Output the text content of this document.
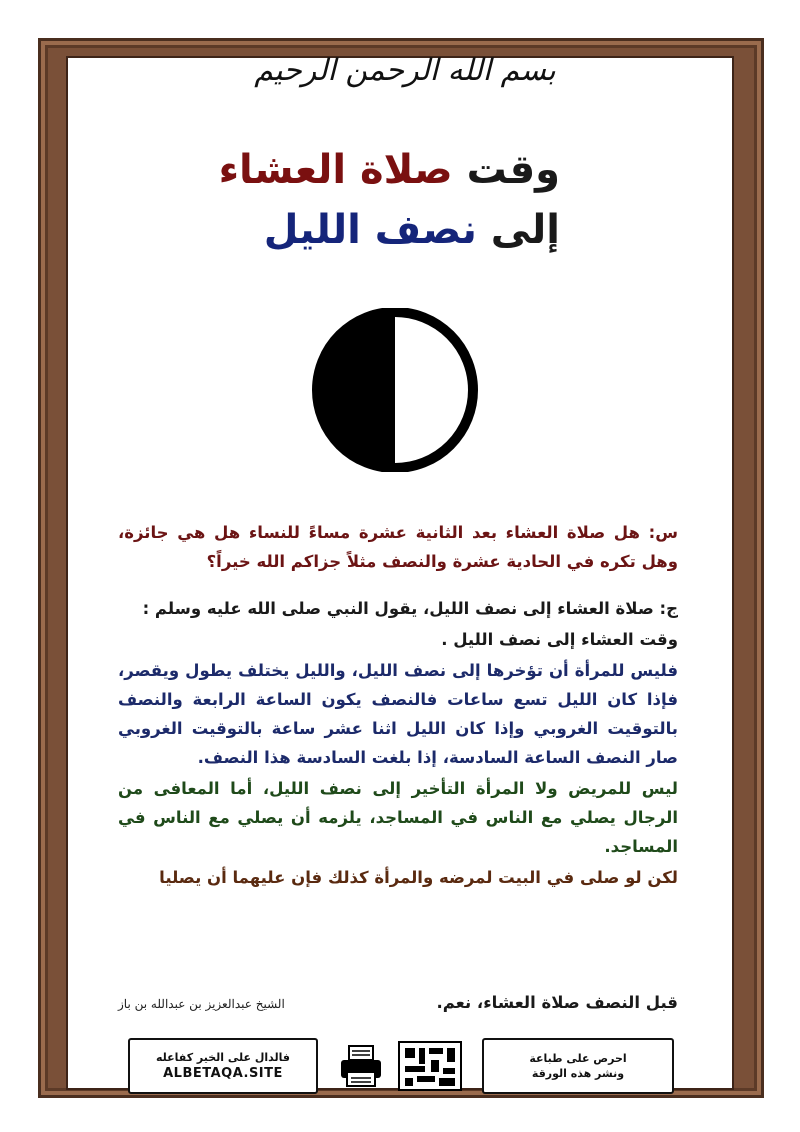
بسم الله الرحمن الرحيم
وقت صلاة العشاء
إلى نصف الليل

س: هل صلاة العشاء بعد الثانية عشرة مساءً للنساء هل هي جائزة، وهل تكره في الحادية عشرة والنصف مثلاً جزاكم الله خيراً؟

ج: صلاة العشاء إلى نصف الليل، يقول النبي صلى الله عليه وسلم :

وقت العشاء إلى نصف الليل .

فليس للمرأة أن تؤخرها إلى نصف الليل، والليل يختلف يطول ويقصر، فإذا كان الليل تسع ساعات فالنصف يكون الساعة الرابعة والنصف بالتوقيت الغروبي وإذا كان الليل اثنا عشر ساعة بالتوقيت الغروبي صار النصف الساعة السادسة، إذا بلغت السادسة هذا النصف.

ليس للمريض ولا المرأة التأخير إلى نصف الليل، أما المعافى من الرجال يصلي مع الناس في المساجد، يلزمه أن يصلي مع الناس في المساجد.

لكن لو صلى في البيت لمرضه والمرأة كذلك فإن عليهما أن يصليا

قبل النصف صلاة العشاء، نعم.
الشيخ عبدالعزيز بن عبدالله بن باز
فالدال على الخير كفاعله
ALBETAQA.SITE
احرص على طباعة
ونشر هذه الورقة
